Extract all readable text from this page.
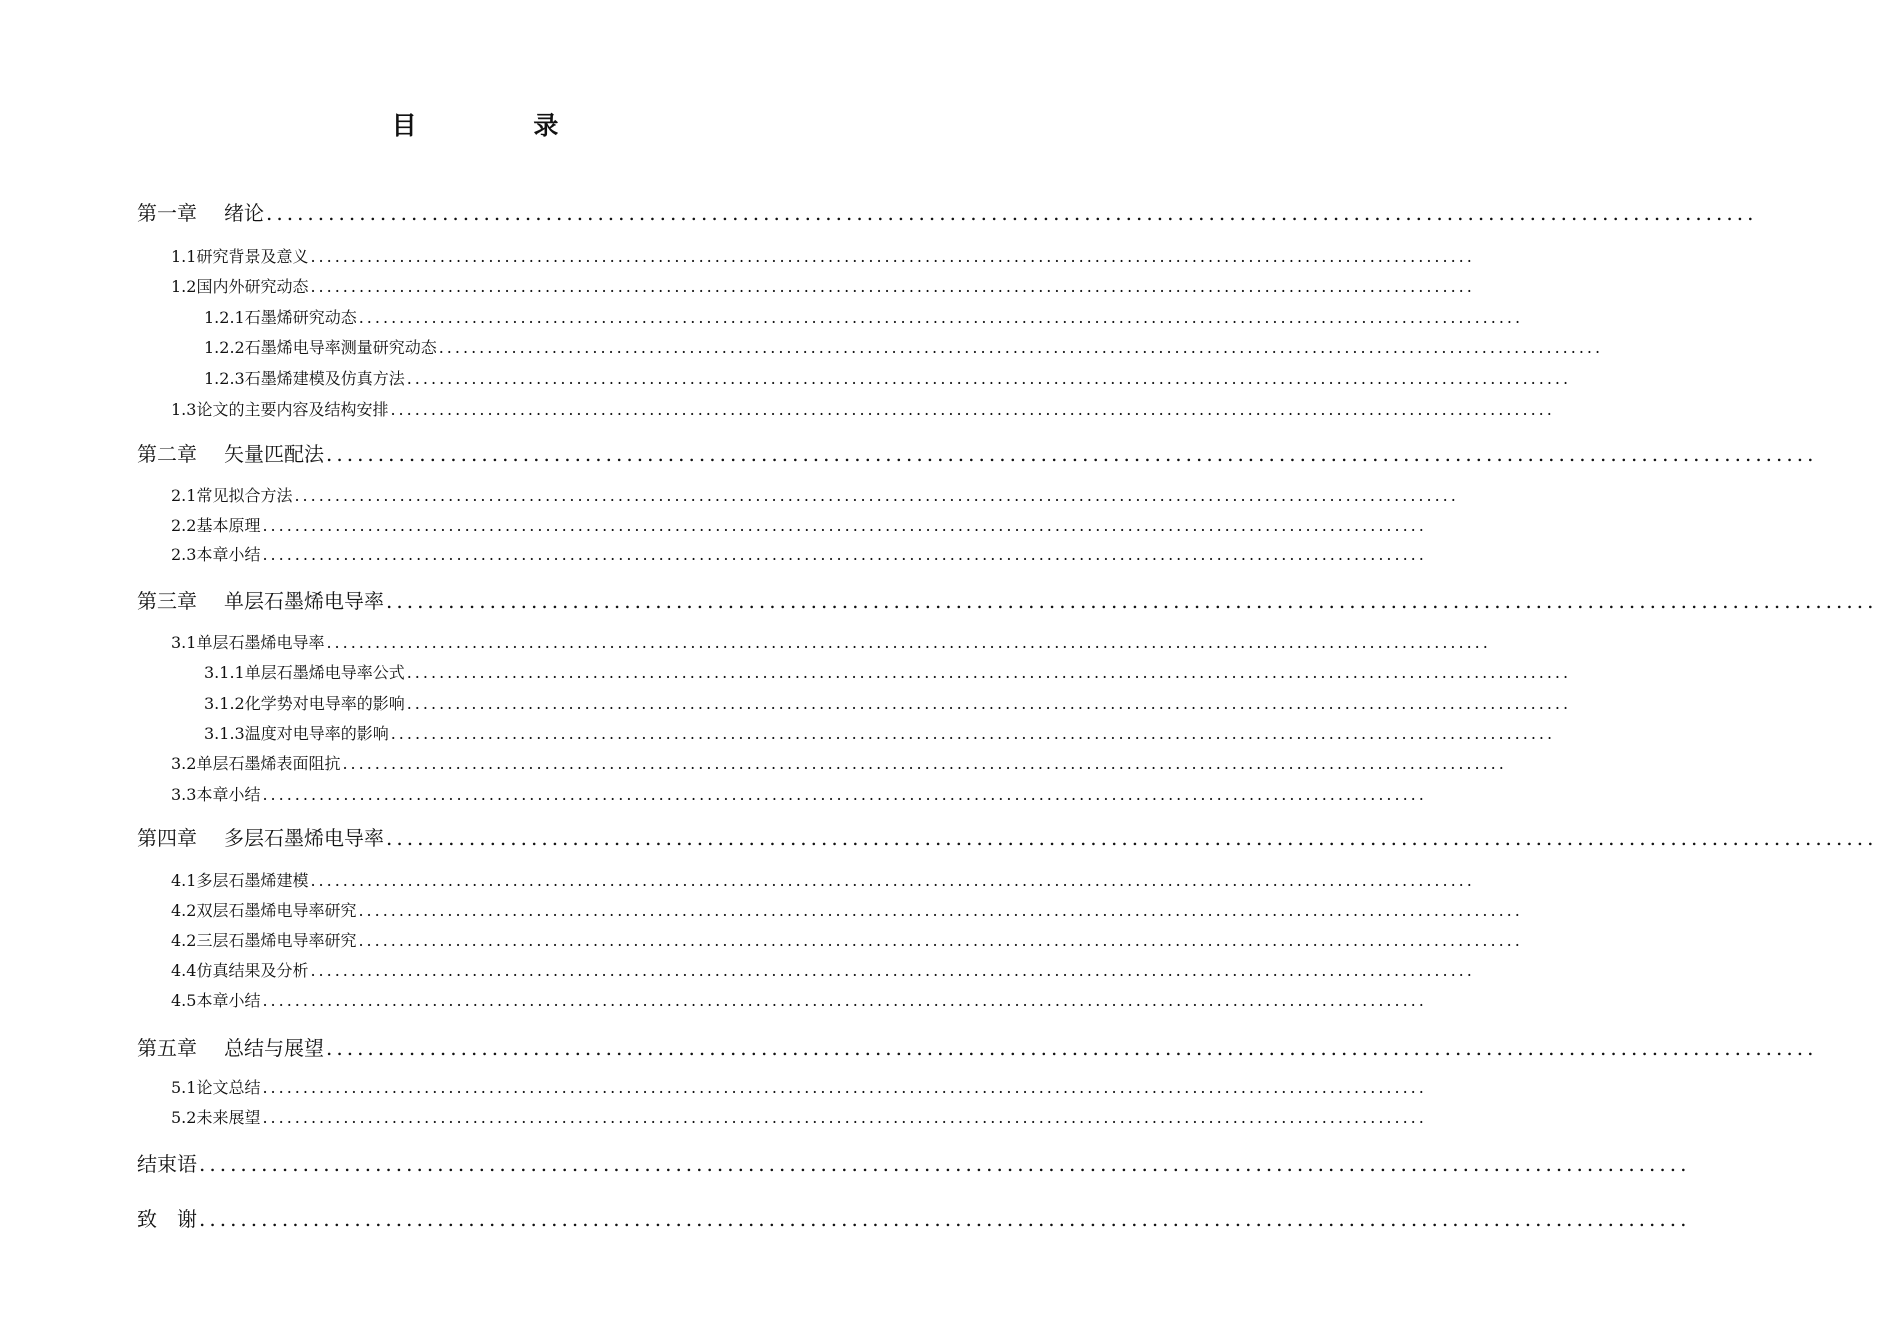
目 录
第一章 绪论 ................................................................................................................................................
1.1研究背景及意义 ................................................................................................................................................
1.2国内外研究动态 ................................................................................................................................................
1.2.1石墨烯研究动态 ................................................................................................................................................
1.2.2石墨烯电导率测量研究动态 ................................................................................................................................................
1.2.3石墨烯建模及仿真方法 ................................................................................................................................................
1.3论文的主要内容及结构安排 ................................................................................................................................................
第二章 矢量匹配法 ................................................................................................................................................
2.1常见拟合方法 ................................................................................................................................................
2.2基本原理 ................................................................................................................................................
2.3本章小结 ................................................................................................................................................
第三章 单层石墨烯电导率 ................................................................................................................................................
3.1单层石墨烯电导率 ................................................................................................................................................
3.1.1单层石墨烯电导率公式 ................................................................................................................................................
3.1.2化学势对电导率的影响 ................................................................................................................................................
3.1.3温度对电导率的影响 ................................................................................................................................................
3.2单层石墨烯表面阻抗 ................................................................................................................................................
3.3本章小结 ................................................................................................................................................
第四章 多层石墨烯电导率 ................................................................................................................................................
4.1多层石墨烯建模 ................................................................................................................................................
4.2双层石墨烯电导率研究 ................................................................................................................................................
4.2三层石墨烯电导率研究 ................................................................................................................................................
4.4仿真结果及分析 ................................................................................................................................................
4.5本章小结 ................................................................................................................................................
第五章 总结与展望 ................................................................................................................................................
5.1论文总结 ................................................................................................................................................
5.2未来展望 ................................................................................................................................................
结束语 ................................................................................................................................................
致　谢 ................................................................................................................................................
